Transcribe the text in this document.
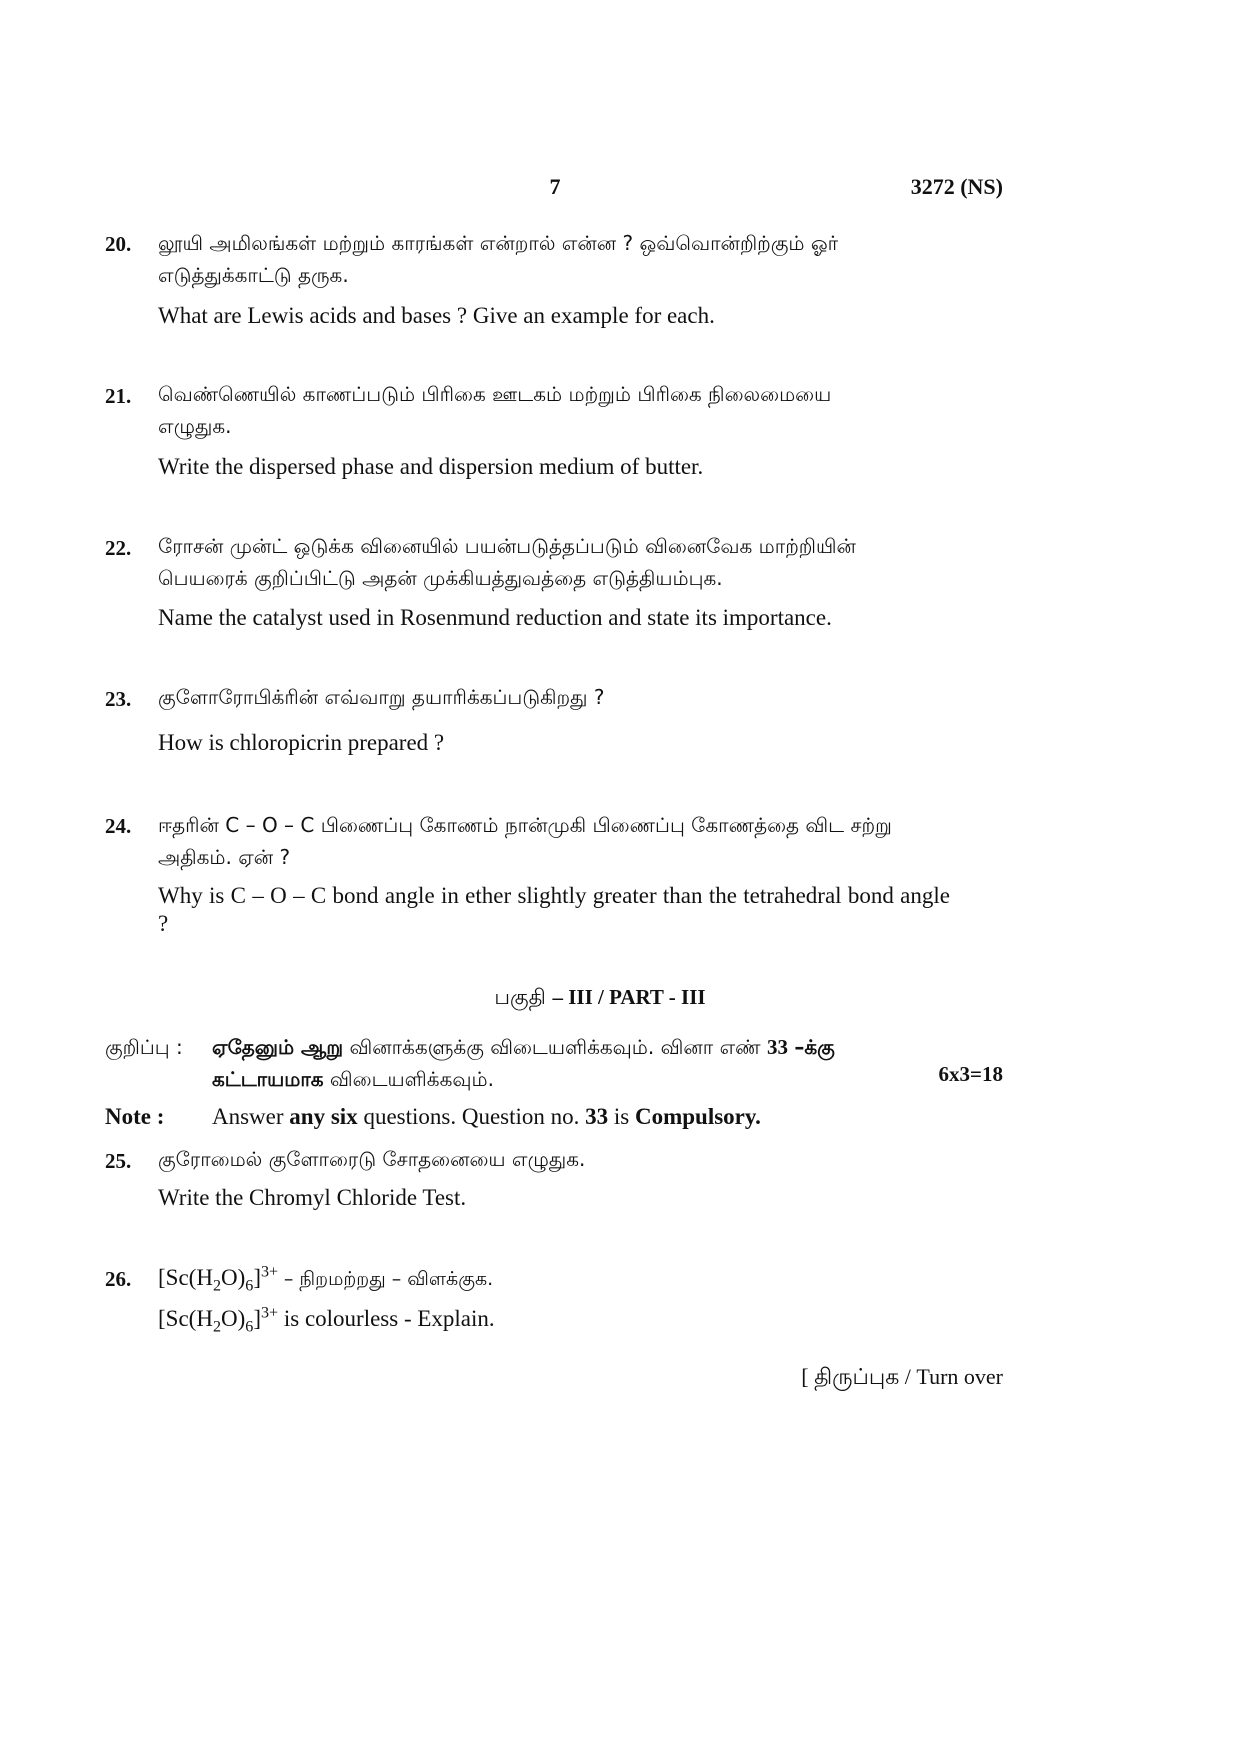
7	3272 (NS)
20. லூயி அமிலங்கள் மற்றும் காரங்கள் என்றால் என்ன ? ஒவ்வொன்றிற்கும் ஓர்
எடுத்துக்காட்டு தருக.
What are Lewis acids and bases ? Give an example for each.
21. வெண்ணெயில் காணப்படும் பிரிகை ஊடகம் மற்றும் பிரிகை நிலைமையை
எழுதுக.
Write the dispersed phase and dispersion medium of butter.
22. ரோசன் முன்ட் ஒடுக்க வினையில் பயன்படுத்தப்படும் வினைவேக மாற்றியின்
பெயரைக் குறிப்பிட்டு அதன் முக்கியத்துவத்தை எடுத்தியம்புக.
Name the catalyst used in Rosenmund reduction and state its importance.
23. குளோரோபிக்ரின் எவ்வாறு தயாரிக்கப்படுகிறது ?
How is chloropicrin prepared ?
24. ஈதரின் C – O – C பிணைப்பு கோணம் நான்முகி பிணைப்பு கோணத்தை விட சற்று
அதிகம். ஏன் ?
Why is C – O – C bond angle in ether slightly greater than the tetrahedral bond angle ?
பகுதி – III / PART - III
குறிப்பு : ஏதேனும் ஆறு வினாக்களுக்கு விடையளிக்கவும். வினா எண் 33 –க்கு
கட்டாயமாக விடையளிக்கவும்.	6x3=18
Note : Answer any six questions. Question no. 33 is Compulsory.
25. குரோமைல் குளோரைடு சோதனையை எழுதுக.
Write the Chromyl Chloride Test.
26. $[Sc(H_2O)_6]^{3+}$ – நிறமற்றது – விளக்குக.
$[Sc(H_2O)_6]^{3+}$ is colourless - Explain.
[ திருப்புக / Turn over
